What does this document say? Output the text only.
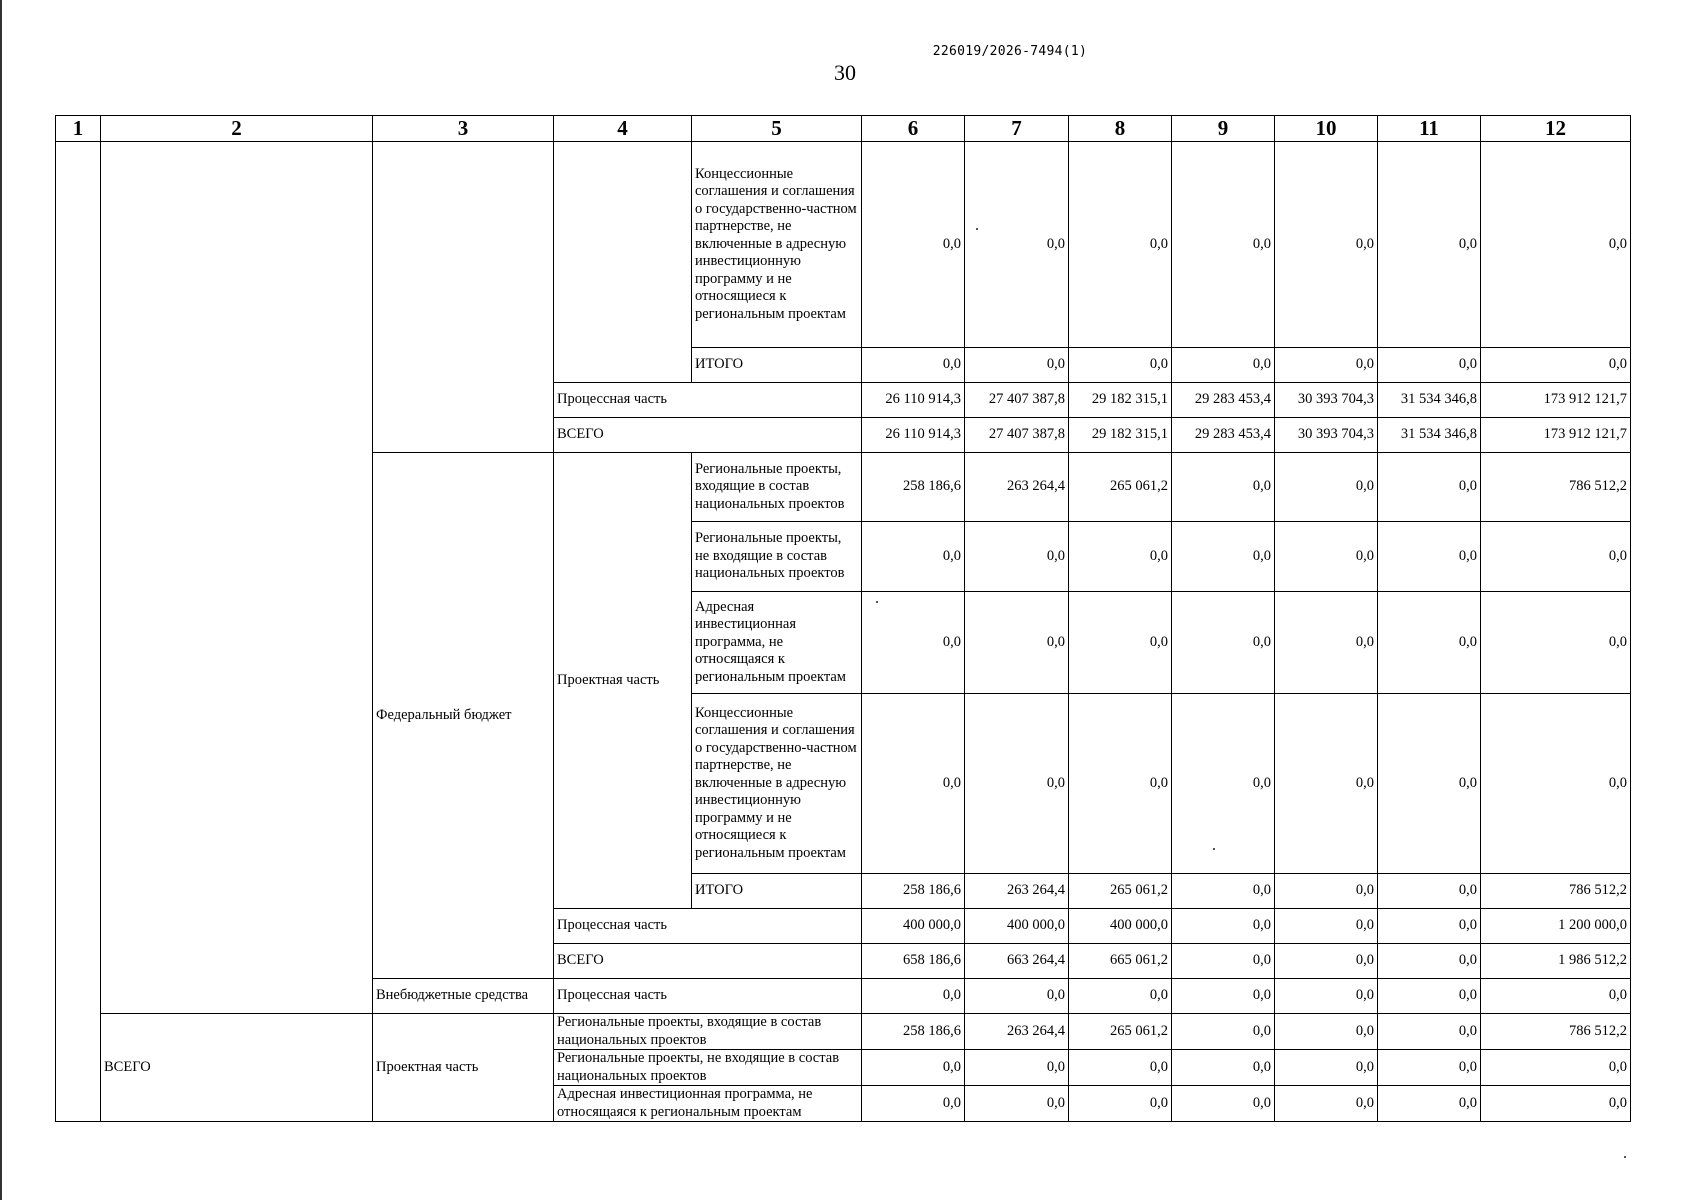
226019/2026-7494(1)
30
1	2	3	4	5	6	7	8	9	10	11	12
				Концессионные соглашения и соглашения о государственно-частном партнерстве, не включенные в адресную инвестиционную программу и не относящиеся к региональным проектам	0,0	0,0	0,0	0,0	0,0	0,0	0,0
				ИТОГО	0,0	0,0	0,0	0,0	0,0	0,0	0,0
			Процессная часть		26 110 914,3	27 407 387,8	29 182 315,1	29 283 453,4	30 393 704,3	31 534 346,8	173 912 121,7
			ВСЕГО		26 110 914,3	27 407 387,8	29 182 315,1	29 283 453,4	30 393 704,3	31 534 346,8	173 912 121,7
		Федеральный бюджет	Проектная часть	Региональные проекты, входящие в состав национальных проектов	258 186,6	263 264,4	265 061,2	0,0	0,0	0,0	786 512,2
				Региональные проекты, не входящие в состав национальных проектов	0,0	0,0	0,0	0,0	0,0	0,0	0,0
				Адресная инвестиционная программа, не относящаяся к региональным проектам	0,0	0,0	0,0	0,0	0,0	0,0	0,0
				Концессионные соглашения и соглашения о государственно-частном партнерстве, не включенные в адресную инвестиционную программу и не относящиеся к региональным проектам	0,0	0,0	0,0	0,0	0,0	0,0	0,0
				ИТОГО	258 186,6	263 264,4	265 061,2	0,0	0,0	0,0	786 512,2
			Процессная часть		400 000,0	400 000,0	400 000,0	0,0	0,0	0,0	1 200 000,0
			ВСЕГО		658 186,6	663 264,4	665 061,2	0,0	0,0	0,0	1 986 512,2
		Внебюджетные средства	Процессная часть		0,0	0,0	0,0	0,0	0,0	0,0	0,0
	ВСЕГО	Проектная часть	Региональные проекты, входящие в состав национальных проектов		258 186,6	263 264,4	265 061,2	0,0	0,0	0,0	786 512,2
			Региональные проекты, не входящие в состав национальных проектов		0,0	0,0	0,0	0,0	0,0	0,0	0,0
			Адресная инвестиционная программа, не относящаяся к региональным проектам		0,0	0,0	0,0	0,0	0,0	0,0	0,0
